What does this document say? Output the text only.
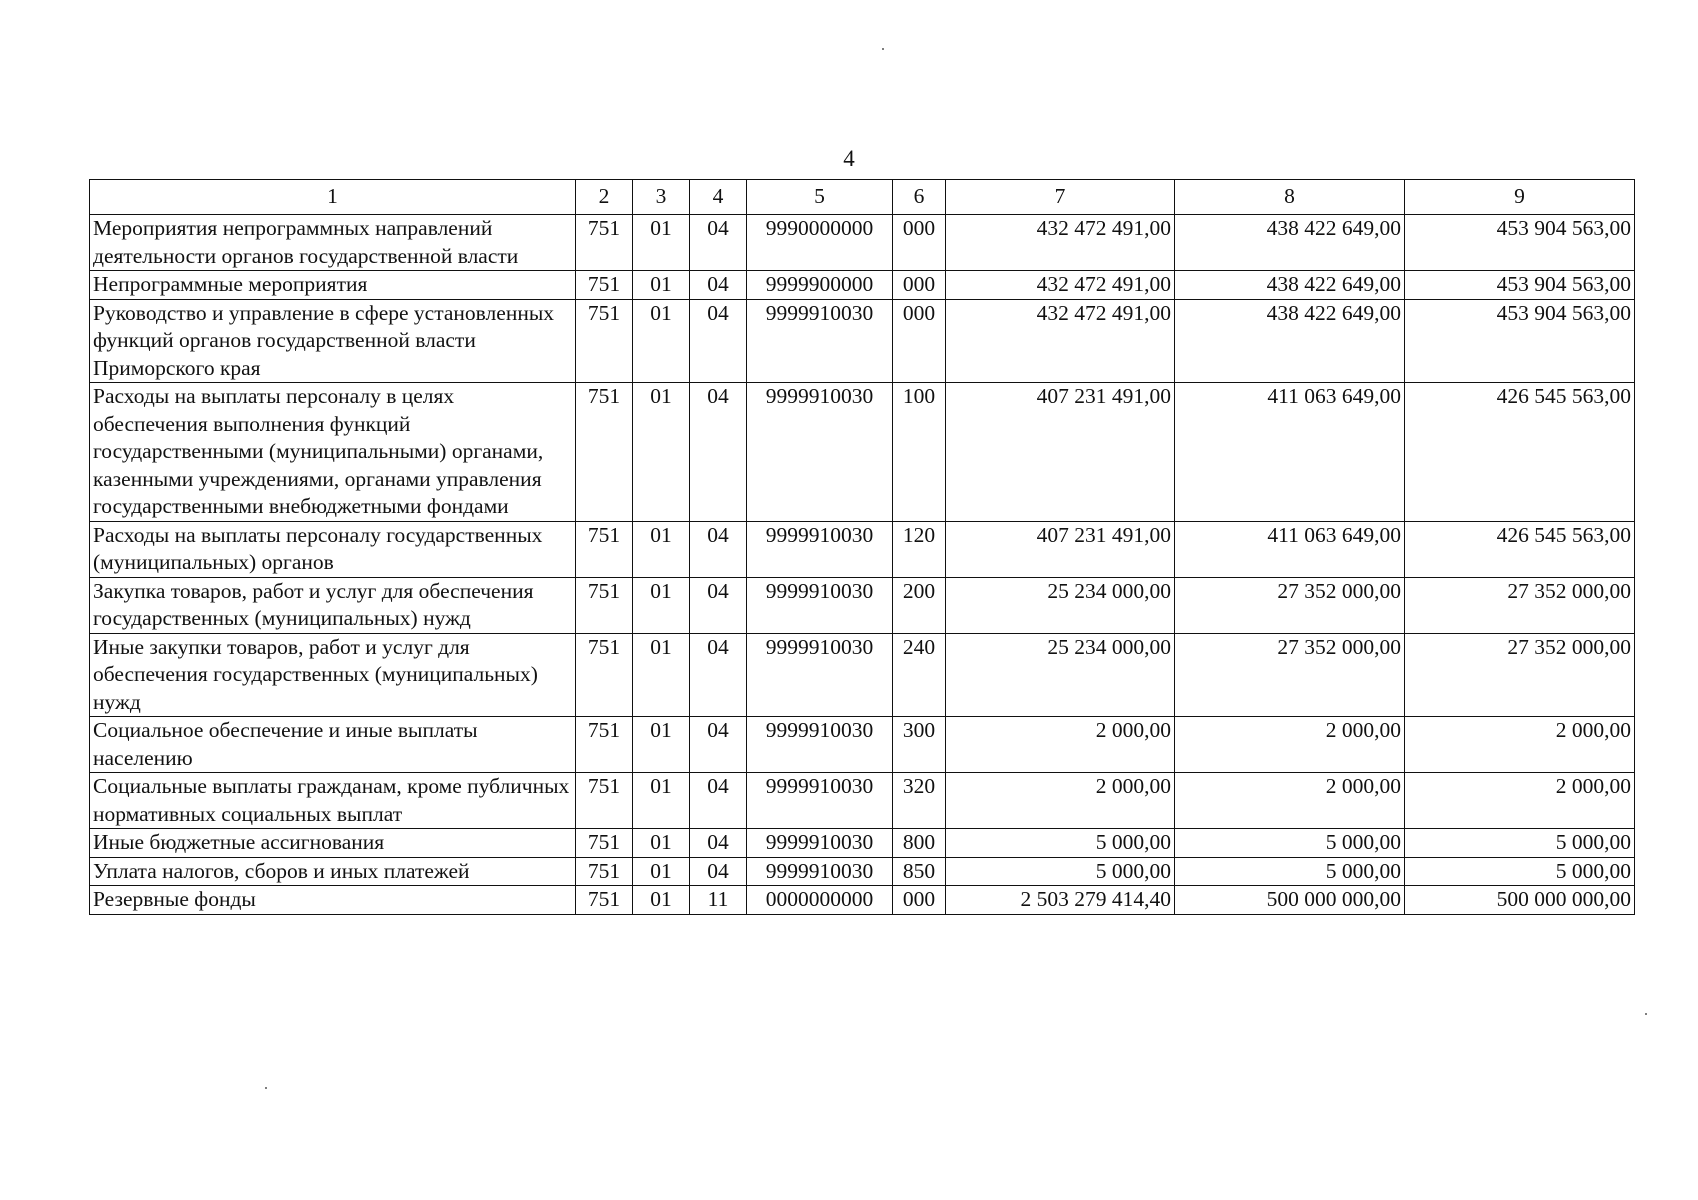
4
1	2	3	4	5	6	7	8	9
Мероприятия непрограммных направлений деятельности органов государственной власти	751	01	04	9990000000	000	432 472 491,00	438 422 649,00	453 904 563,00
Непрограммные мероприятия	751	01	04	9999900000	000	432 472 491,00	438 422 649,00	453 904 563,00
Руководство и управление в сфере установленных функций органов государственной власти Приморского края	751	01	04	9999910030	000	432 472 491,00	438 422 649,00	453 904 563,00
Расходы на выплаты персоналу в целях обеспечения выполнения функций государственными (муниципальными) органами, казенными учреждениями, органами управления государственными внебюджетными фондами	751	01	04	9999910030	100	407 231 491,00	411 063 649,00	426 545 563,00
Расходы на выплаты персоналу государственных (муниципальных) органов	751	01	04	9999910030	120	407 231 491,00	411 063 649,00	426 545 563,00
Закупка товаров, работ и услуг для обеспечения государственных (муниципальных) нужд	751	01	04	9999910030	200	25 234 000,00	27 352 000,00	27 352 000,00
Иные закупки товаров, работ и услуг для обеспечения государственных (муниципальных) нужд	751	01	04	9999910030	240	25 234 000,00	27 352 000,00	27 352 000,00
Социальное обеспечение и иные выплаты населению	751	01	04	9999910030	300	2 000,00	2 000,00	2 000,00
Социальные выплаты гражданам, кроме публичных нормативных социальных выплат	751	01	04	9999910030	320	2 000,00	2 000,00	2 000,00
Иные бюджетные ассигнования	751	01	04	9999910030	800	5 000,00	5 000,00	5 000,00
Уплата налогов, сборов и иных платежей	751	01	04	9999910030	850	5 000,00	5 000,00	5 000,00
Резервные фонды	751	01	11	0000000000	000	2 503 279 414,40	500 000 000,00	500 000 000,00
